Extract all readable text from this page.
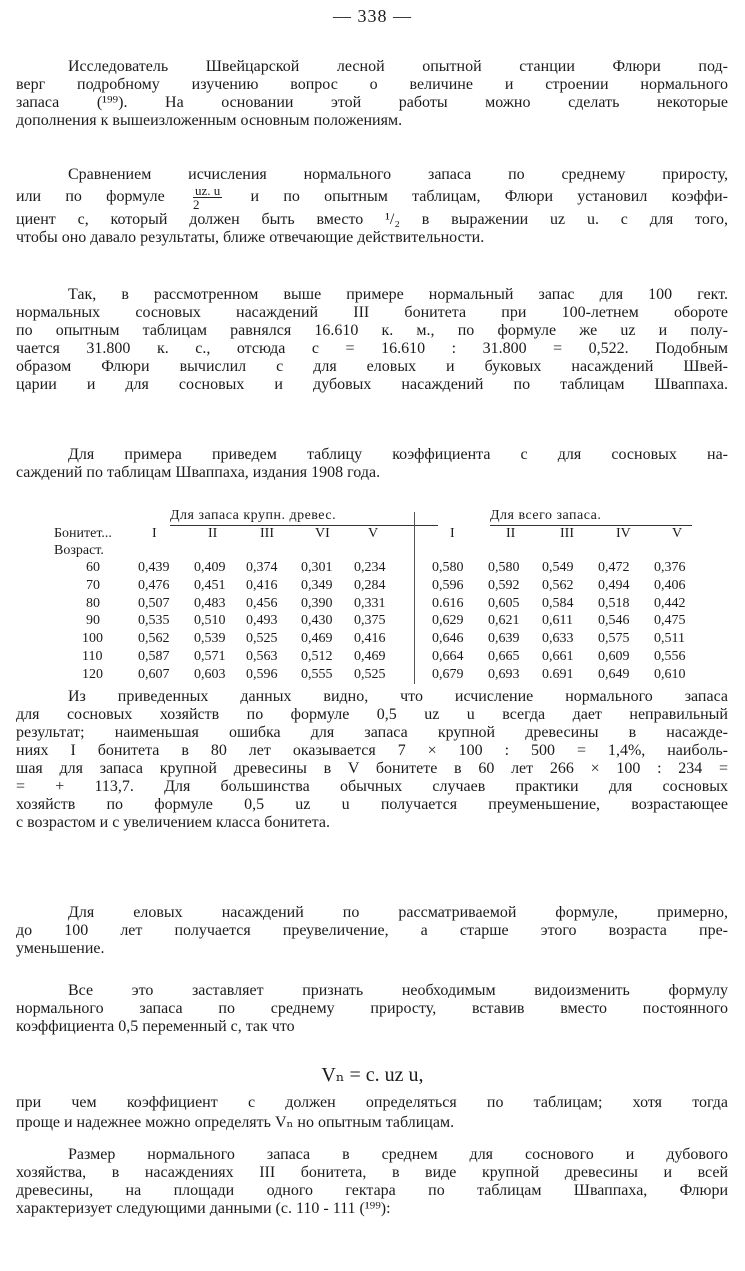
— 338 —
Исследователь Швейцарской лесной опытной станции Флюри под-
верг подробному изучению вопрос о величине и строении нормального
запаса (¹⁹⁹). На основании этой работы можно сделать некоторые
дополнения к вышеизложенным основным положениям.
Сравнением исчисления нормального запаса по среднему приросту,
или по формуле $\frac{uz. u}{2}$ и по опытным таблицам, Флюри установил коэффи-
циент с, который должен быть вместо ¹/₂ в выражении uz u. с для того,
чтобы оно давало результаты, ближе отвечающие действительности.
Так, в рассмотренном выше примере нормальный запас для 100 гект.
нормальных сосновых насаждений III бонитета при 100-летнем обороте
по опытным таблицам равнялся 16.610 к. м., по формуле же uz и полу-
чается 31.800 к. с., отсюда c = 16.610 : 31.800 = 0,522. Подобным
образом Флюри вычислил с для еловых и буковых насаждений Швей-
царии и для сосновых и дубовых насаждений по таблицам Шваппаха.
Для примера приведем таблицу коэффициента с для сосновых на-
саждений по таблицам Шваппаха, издания 1908 года.
Для запаса крупн. древес.	Для всего запаса.
Бонитет...
Возраст.
I	II	III	VI	V	I	II	III	IV	V
60	0,439 0,409 0,374 0,301 0,234	0,580 0,580 0,549 0,472 0,376
70	0,476 0,451 0,416 0,349 0,284	0,596 0,592 0,562 0,494 0,406
80	0,507 0,483 0,456 0,390 0,331	0.616 0,605 0,584 0,518 0,442
90	0,535 0,510 0,493 0,430 0,375	0,629 0,621 0,611 0,546 0,475
100	0,562 0,539 0,525 0,469 0,416	0,646 0,639 0,633 0,575 0,511
110	0,587 0,571 0,563 0,512 0,469	0,664 0,665 0,661 0,609 0,556
120	0,607 0,603 0,596 0,555 0,525	0,679 0,693 0.691 0,649 0,610
Из приведенных данных видно, что исчисление нормального запаса
для сосновых хозяйств по формуле 0,5 uz u всегда дает неправильный
результат; наименьшая ошибка для запаса крупной древесины в насажде-
ниях I бонитета в 80 лет оказывается 7 × 100 : 500 = 1,4%, наиболь-
шая для запаса крупной древесины в V бонитете в 60 лет 266 × 100 : 234 =
= + 113,7. Для большинства обычных случаев практики для сосновых
хозяйств по формуле 0,5 uz u получается преуменьшение, возрастающее
с возрастом и с увеличением класса бонитета.
Для еловых насаждений по рассматриваемой формуле, примерно,
до 100 лет получается преувеличение, а старше этого возраста пре-
уменьшение.
Все это заставляет признать необходимым видоизменить формулу
нормального запаса по среднему приросту, вставив вместо постоянного
коэффициента 0,5 переменный с, так что
Vₙ = c. uz u,
при чем коэффициент с должен определяться по таблицам; хотя тогда
проще и надежнее можно определять Vₙ но опытным таблицам.
Размер нормального запаса в среднем для соснового и дубового
хозяйства, в насаждениях III бонитета, в виде крупной древесины и всей
древесины, на площади одного гектара по таблицам Шваппаха, Флюри
характеризует следующими данными (с. 110 - 111 (¹⁹⁹):
